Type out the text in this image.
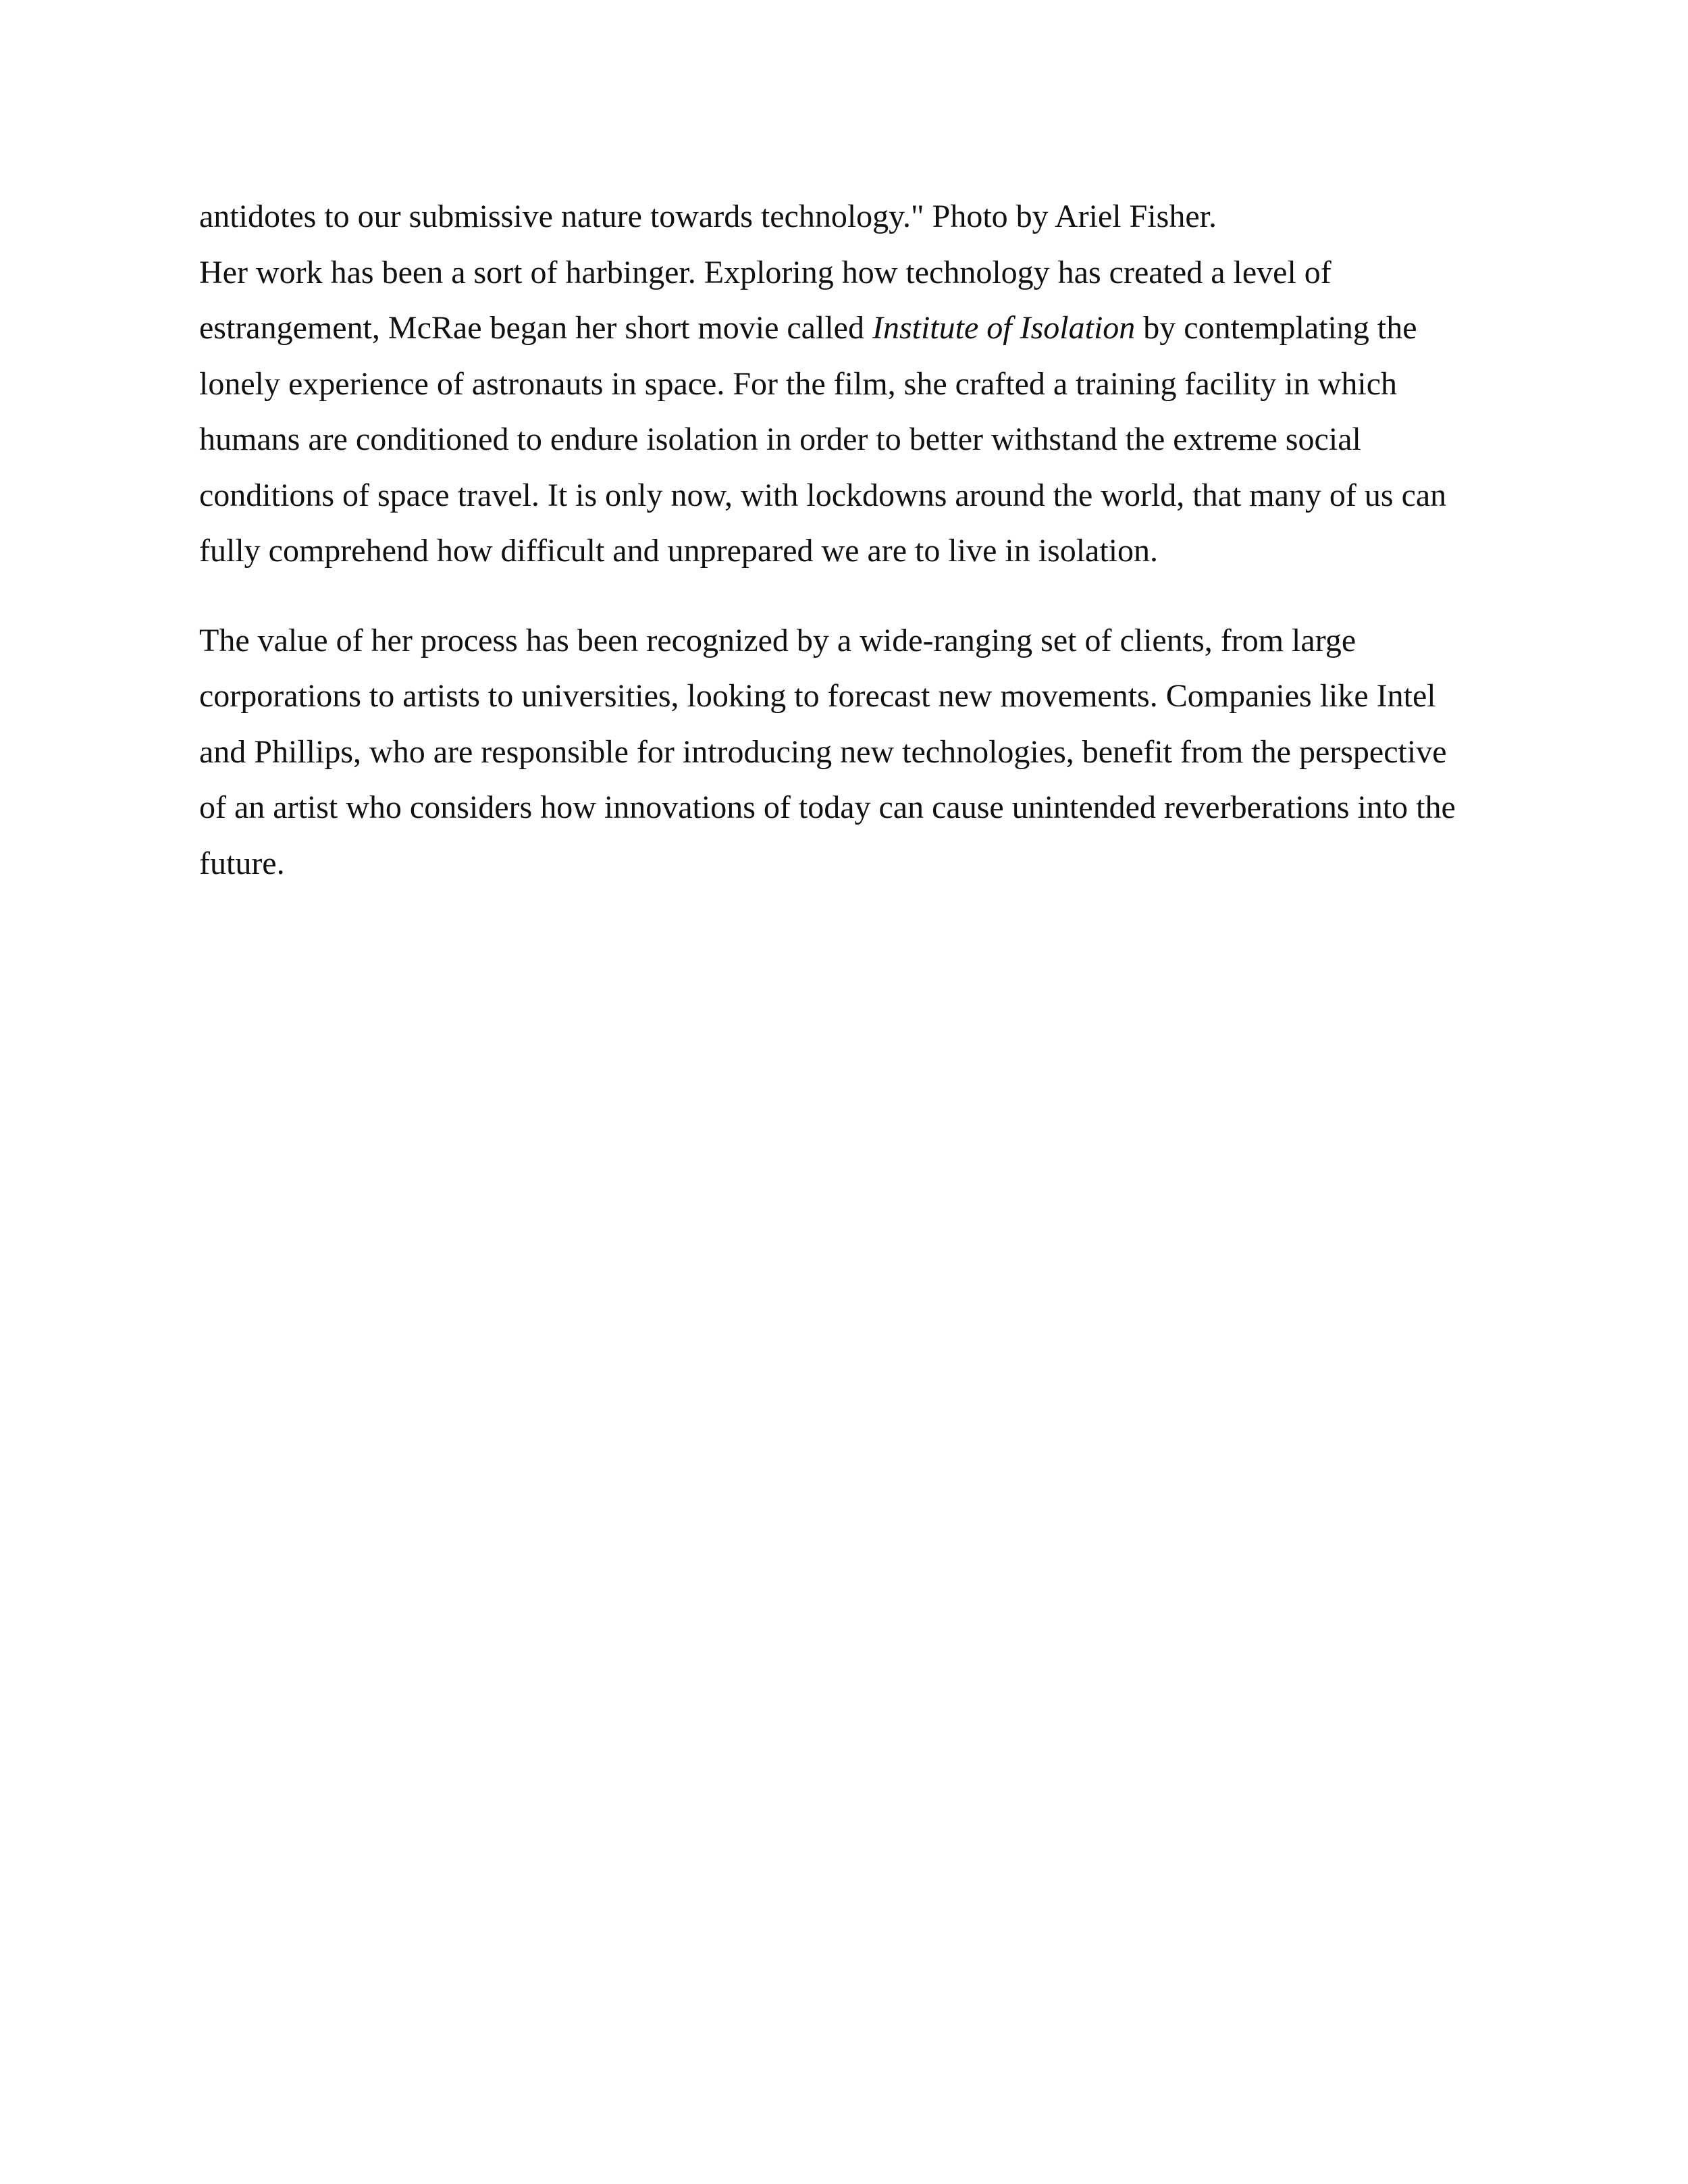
antidotes to our submissive nature towards technology." Photo by Ariel Fisher.
Her work has been a sort of harbinger. Exploring how technology has created a level of
estrangement, McRae began her short movie called Institute of Isolation by contemplating the
lonely experience of astronauts in space. For the film, she crafted a training facility in which
humans are conditioned to endure isolation in order to better withstand the extreme social
conditions of space travel. It is only now, with lockdowns around the world, that many of us can
fully comprehend how difficult and unprepared we are to live in isolation.
The value of her process has been recognized by a wide-ranging set of clients, from large
corporations to artists to universities, looking to forecast new movements. Companies like Intel
and Phillips, who are responsible for introducing new technologies, benefit from the perspective
of an artist who considers how innovations of today can cause unintended reverberations into the
future.
